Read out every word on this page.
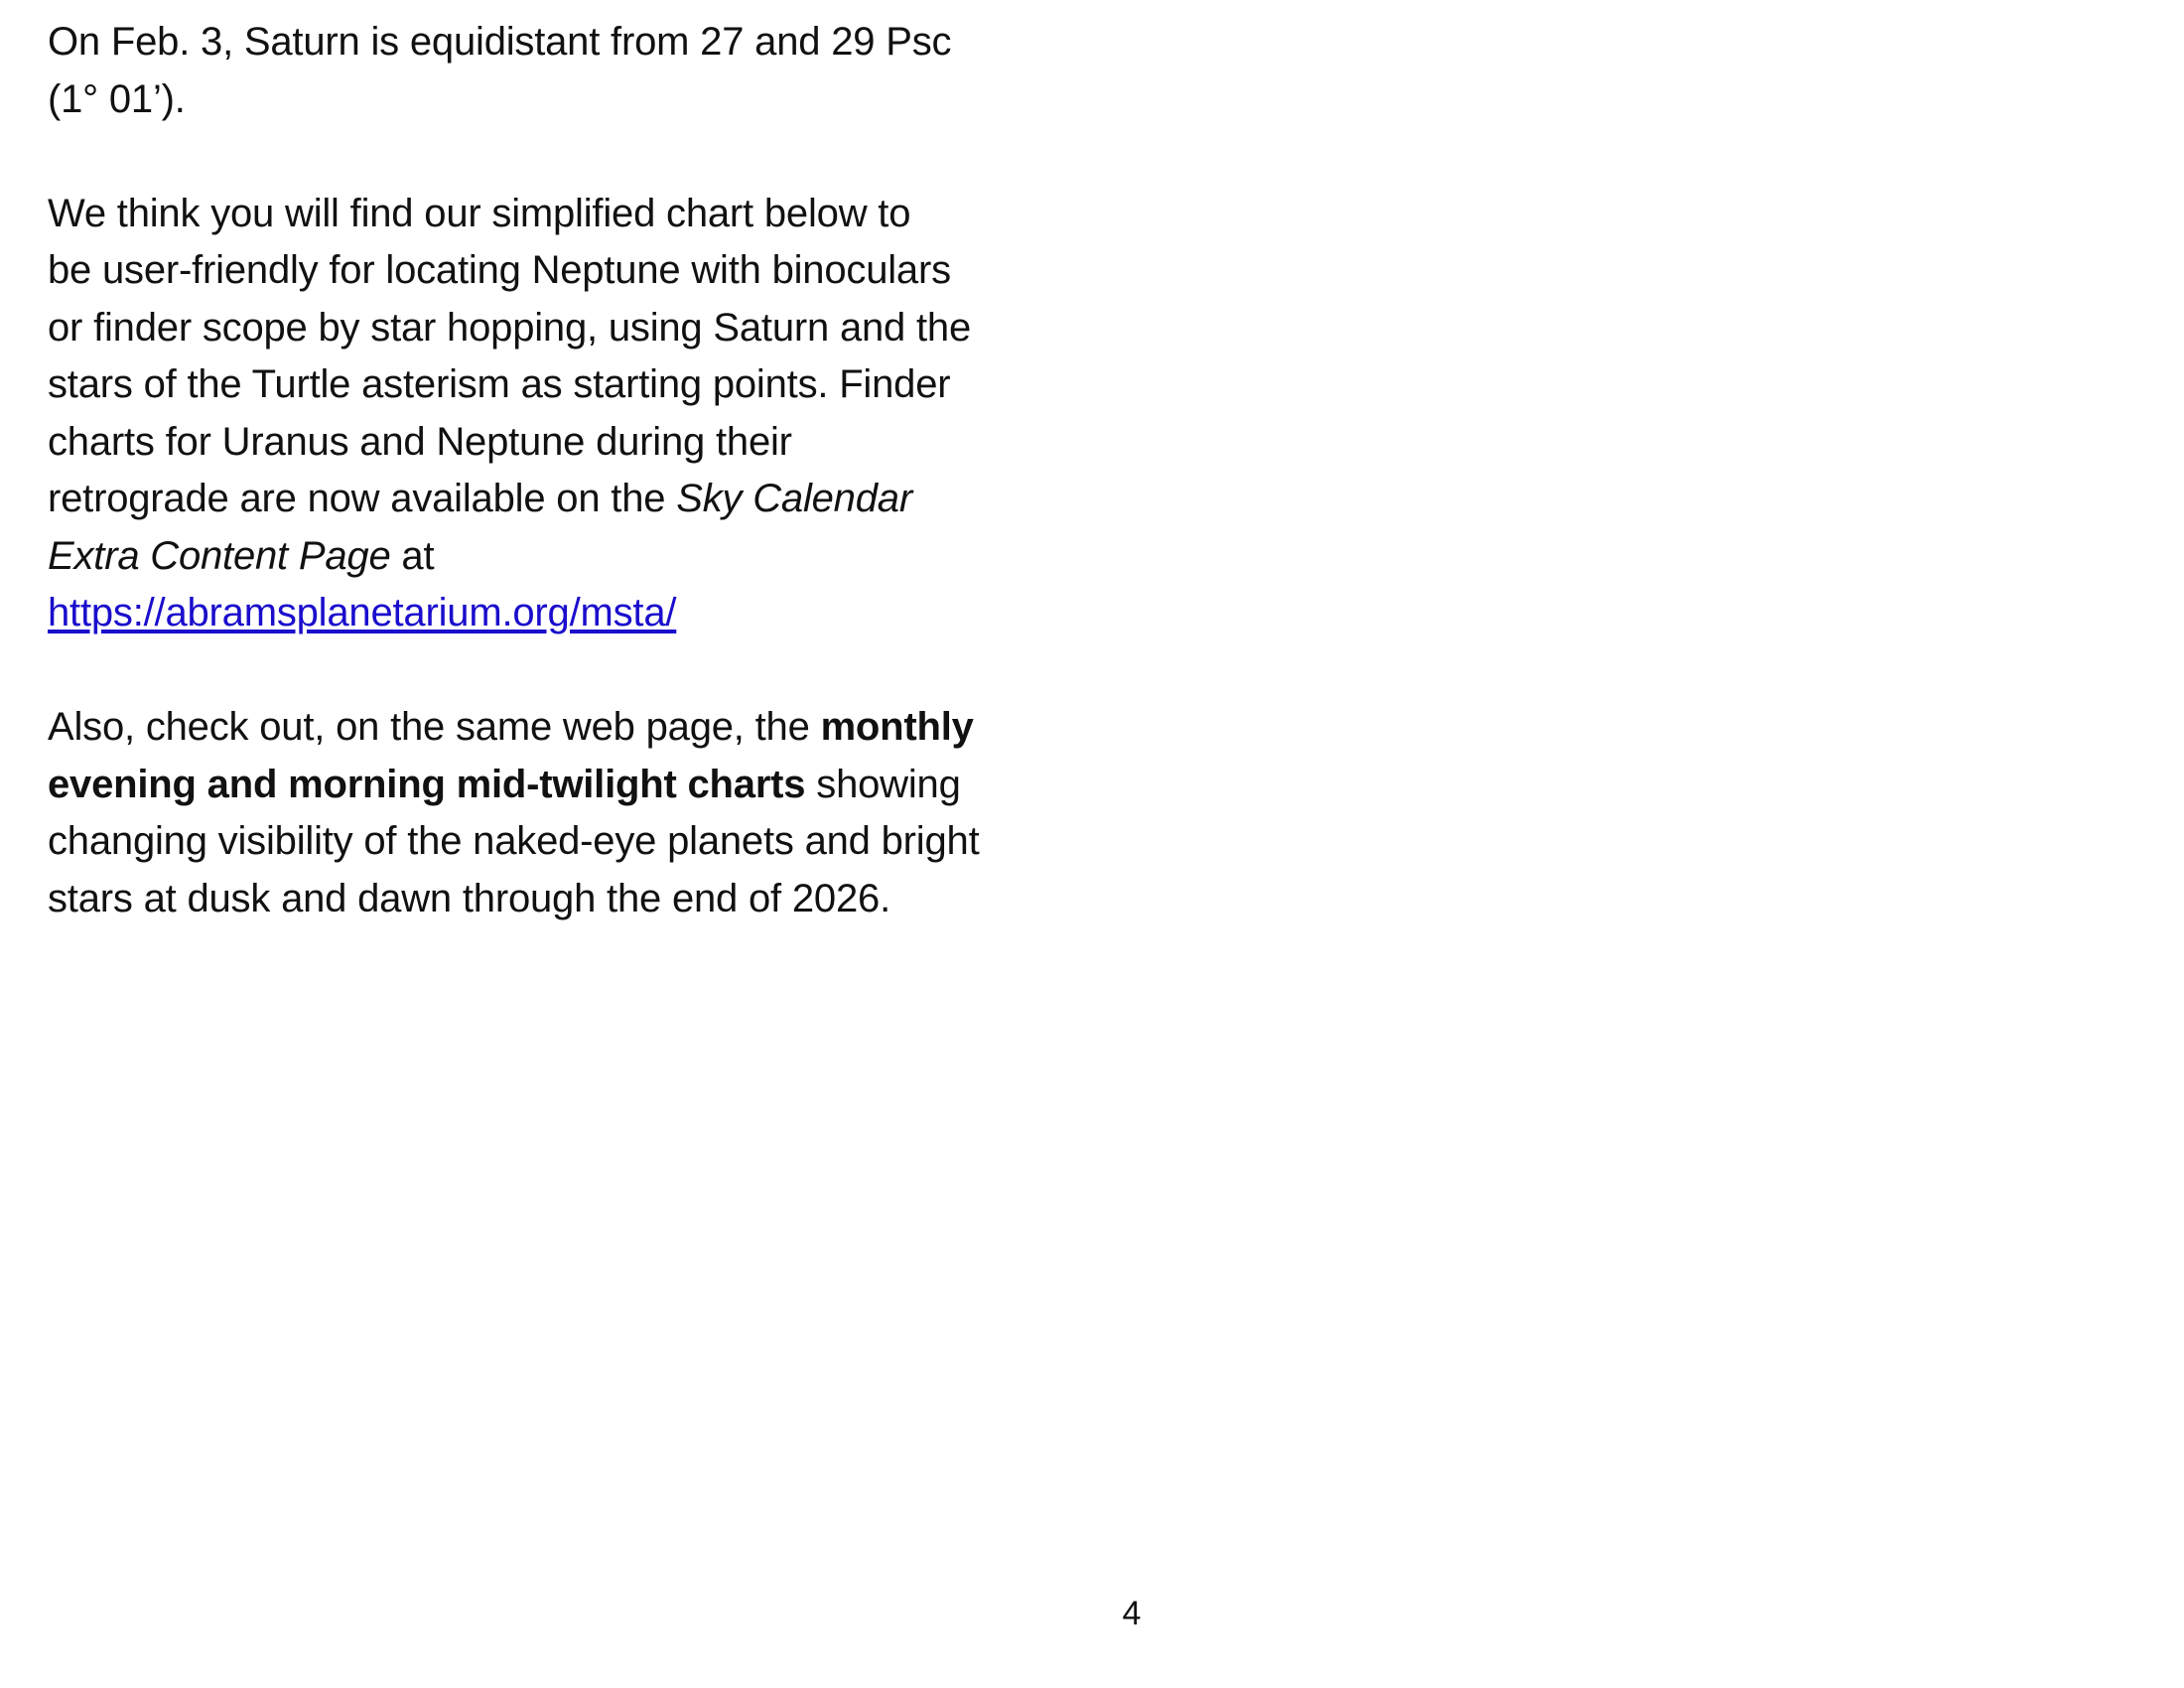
On Feb. 3, Saturn is equidistant from 27 and 29 Psc
(1° 01’).

We think you will find our simplified chart below to
be user-friendly for locating Neptune with binoculars
or finder scope by star hopping, using Saturn and the
stars of the Turtle asterism as starting points. Finder
charts for Uranus and Neptune during their
retrograde are now available on the Sky Calendar
Extra Content Page at
https://abramsplanetarium.org/msta/

Also, check out, on the same web page, the monthly
evening and morning mid-twilight charts showing
changing visibility of the naked-eye planets and bright
stars at dusk and dawn through the end of 2026.

4
